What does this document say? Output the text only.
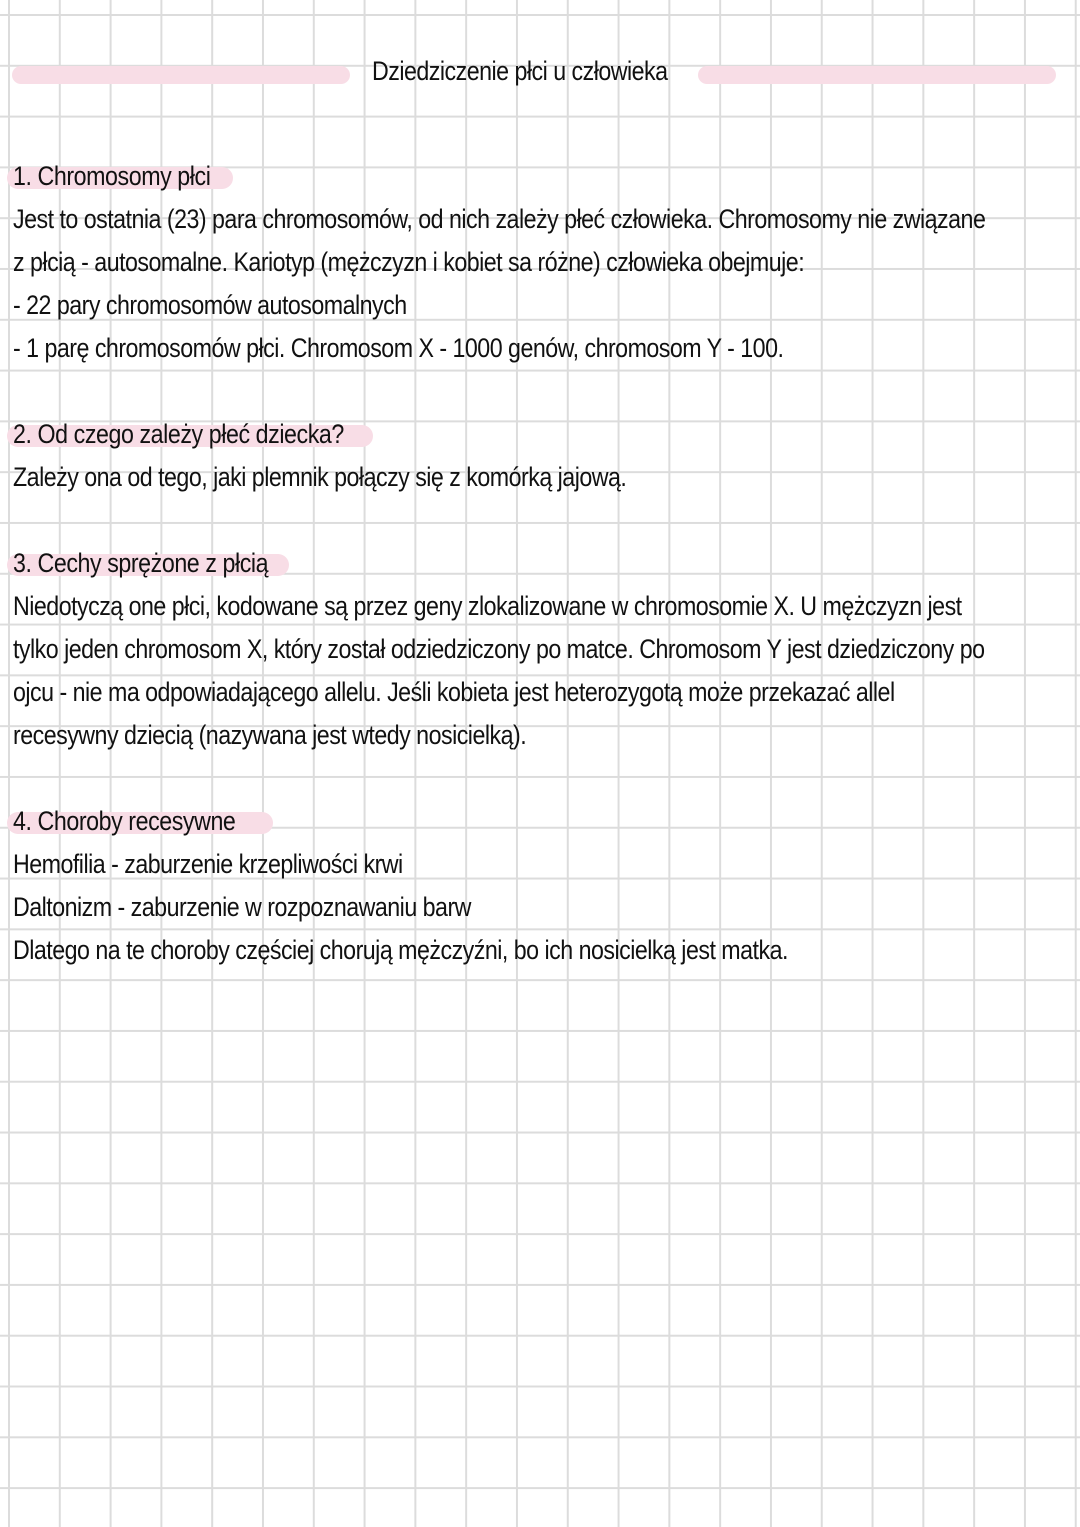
Dziedziczenie płci u człowieka
1. Chromosomy płci
Jest to ostatnia (23) para chromosomów, od nich zależy płeć człowieka. Chromosomy nie związane
z płcią - autosomalne. Kariotyp (mężczyzn i kobiet sa różne) człowieka obejmuje:
- 22 pary chromosomów autosomalnych
- 1 parę chromosomów płci. Chromosom X - 1000 genów, chromosom Y - 100.
2. Od czego zależy płeć dziecka?
Zależy ona od tego, jaki plemnik połączy się z komórką jajową.
3. Cechy sprężone z płcią
Niedotyczą one płci, kodowane są przez geny zlokalizowane w chromosomie X. U mężczyzn jest
tylko jeden chromosom X, który został odziedziczony po matce. Chromosom Y jest dziedziczony po
ojcu - nie ma odpowiadającego allelu. Jeśli kobieta jest heterozygotą może przekazać allel
recesywny dziecią (nazywana jest wtedy nosicielką).
4. Choroby recesywne
Hemofilia - zaburzenie krzepliwości krwi
Daltonizm - zaburzenie w rozpoznawaniu barw
Dlatego na te choroby częściej chorują mężczyźni, bo ich nosicielką jest matka.
